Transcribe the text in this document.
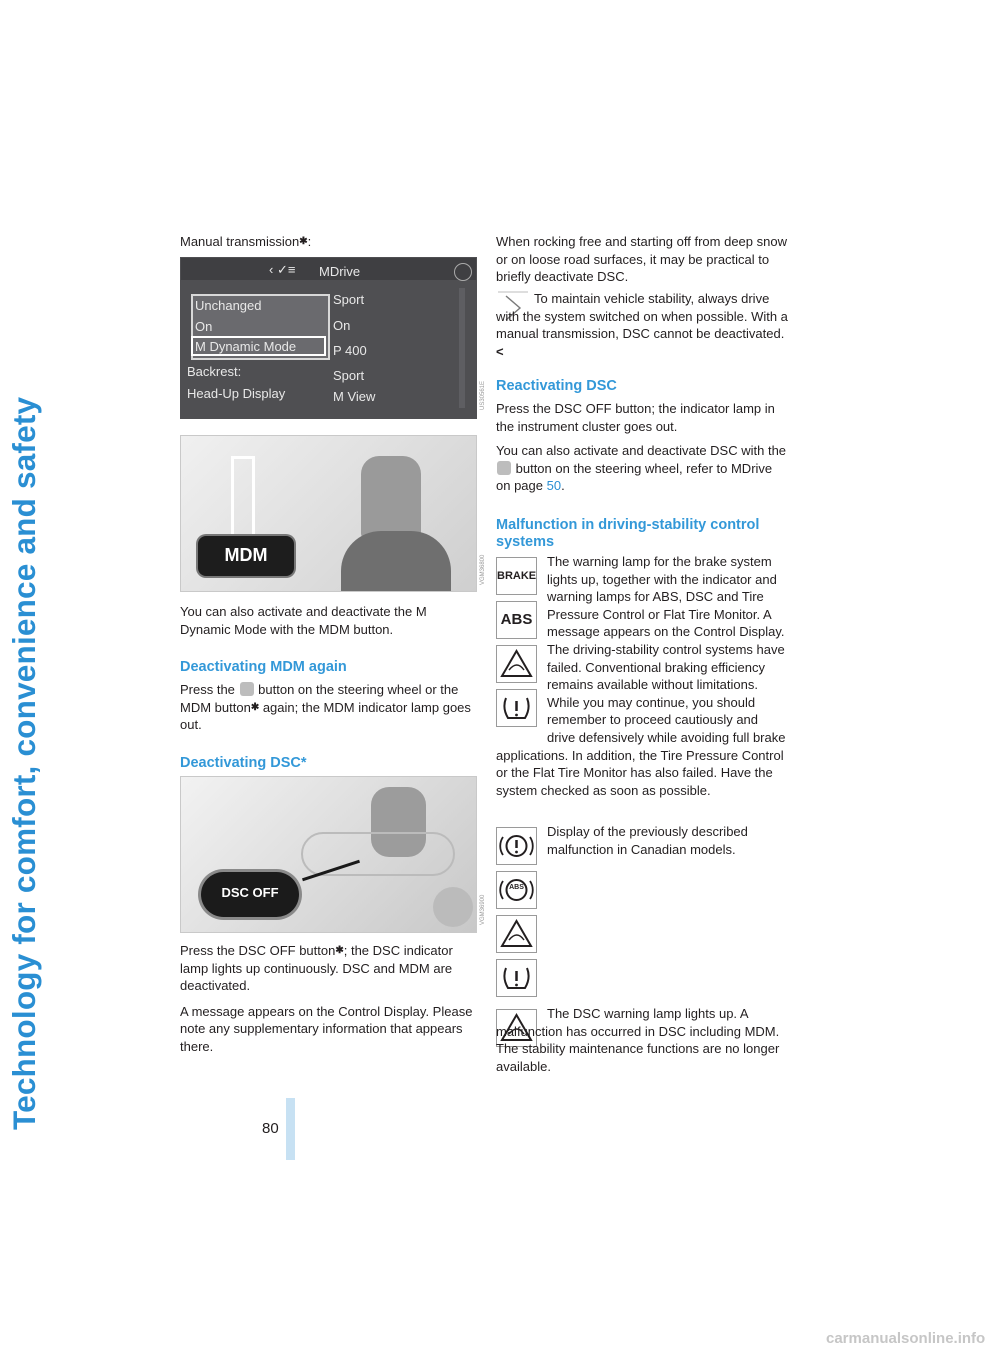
Technology for comfort, convenience and safety
Manual transmission✱:
MDrive
‹ ✓≡
Unchanged
On
M Dynamic Mode
Backrest:
Head-Up Display
Sport
On
P 400
Sport
M View	US30561E
MDM	VGM36800

You can also activate and deactivate the M Dynamic Mode with the MDM button.

Deactivating MDM again

Press the button on the steering wheel or the MDM button✱ again; the MDM indicator lamp goes out.

Deactivating DSC*
DSC OFF
VGM36900

Press the DSC OFF button✱; the DSC indicator lamp lights up continuously. DSC and MDM are deactivated.

A message appears on the Control Display. Please note any supplementary information that appears there.

When rocking free and starting off from deep snow or on loose road surfaces, it may be practical to briefly deactivate DSC.

To maintain vehicle stability, always drive with the system switched on when possible. With a manual transmission, DSC cannot be deactivated.<

Reactivating DSC

Press the DSC OFF button; the indicator lamp in the instrument cluster goes out.

You can also activate and deactivate DSC with the  button on the steering wheel, refer to MDrive on page 50.

Malfunction in driving-stability control systems
BRAKE
ABS

The warning lamp for the brake system lights up, together with the indicator and warning lamps for ABS, DSC and Tire Pressure Control or Flat Tire Monitor. A message appears on the Control Display. The driving-stability control systems have failed. Conventional braking efficiency remains available without limitations. While you may continue, you should remember to proceed cautiously and drive defensively while avoiding full brake applications. In addition, the Tire Pressure Control or the Flat Tire Monitor has also failed. Have the system checked as soon as possible.

ABS

Display of the previously described malfunction in Canadian models.

The DSC warning lamp lights up. A malfunction has occurred in DSC including MDM. The stability maintenance functions are no longer available.

80
carmanualsonline.info
